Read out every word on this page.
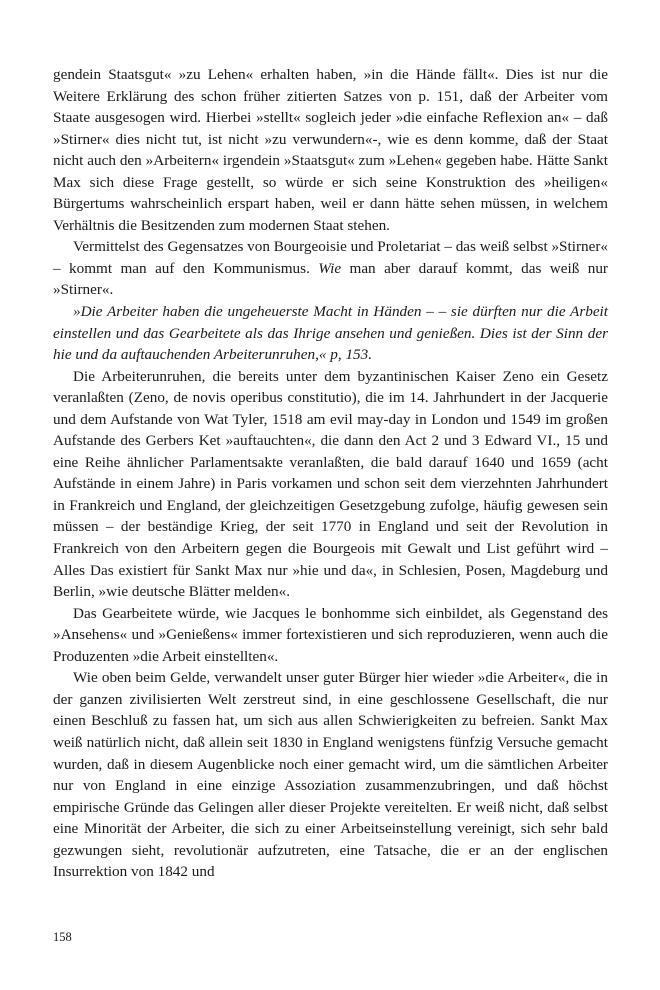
gendein Staatsgut« »zu Lehen« erhalten haben, »in die Hände fällt«. Dies ist nur die Weitere Erklärung des schon früher zitierten Satzes von p. 151, daß der Arbeiter vom Staate ausgesogen wird. Hierbei »stellt« sogleich jeder »die einfache Reflexion an« – daß »Stirner« dies nicht tut, ist nicht »zu verwundern«-, wie es denn komme, daß der Staat nicht auch den »Arbeitern« irgendein »Staatsgut« zum »Lehen« gegeben habe. Hätte Sankt Max sich diese Frage gestellt, so würde er sich seine Konstruktion des »heiligen« Bürgertums wahrscheinlich erspart haben, weil er dann hätte sehen müssen, in welchem Verhältnis die Besitzenden zum modernen Staat stehen.

Vermittelst des Gegensatzes von Bourgeoisie und Proletariat – das weiß selbst »Stirner« – kommt man auf den Kommunismus. Wie man aber darauf kommt, das weiß nur »Stirner«.

»Die Arbeiter haben die ungeheuerste Macht in Händen – – sie dürften nur die Arbeit einstellen und das Gearbeitete als das Ihrige ansehen und genießen. Dies ist der Sinn der hie und da auftauchenden Arbeiterunruhen,« p, 153.

Die Arbeiterunruhen, die bereits unter dem byzantinischen Kaiser Zeno ein Gesetz veranlaßten (Zeno, de novis operibus constitutio), die im 14. Jahrhundert in der Jacquerie und dem Aufstande von Wat Tyler, 1518 am evil may-day in London und 1549 im großen Aufstande des Gerbers Ket »auftauchten«, die dann den Act 2 und 3 Edward VI., 15 und eine Reihe ähnlicher Parlamentsakte veranlaßten, die bald darauf 1640 und 1659 (acht Aufstände in einem Jahre) in Paris vorkamen und schon seit dem vierzehnten Jahrhundert in Frankreich und England, der gleichzeitigen Gesetzgebung zufolge, häufig gewesen sein müssen – der beständige Krieg, der seit 1770 in England und seit der Revolution in Frankreich von den Arbeitern gegen die Bourgeois mit Gewalt und List geführt wird – Alles Das existiert für Sankt Max nur »hie und da«, in Schlesien, Posen, Magdeburg und Berlin, »wie deutsche Blätter melden«.

Das Gearbeitete würde, wie Jacques le bonhomme sich einbildet, als Gegenstand des »Ansehens« und »Genießens« immer fortexistieren und sich reproduzieren, wenn auch die Produzenten »die Arbeit einstellten«.

Wie oben beim Gelde, verwandelt unser guter Bürger hier wieder »die Arbeiter«, die in der ganzen zivilisierten Welt zerstreut sind, in eine geschlossene Gesellschaft, die nur einen Beschluß zu fassen hat, um sich aus allen Schwierigkeiten zu befreien. Sankt Max weiß natürlich nicht, daß allein seit 1830 in England wenigstens fünfzig Versuche gemacht wurden, daß in diesem Augenblicke noch einer gemacht wird, um die sämtlichen Arbeiter nur von England in eine einzige Assoziation zusammenzubringen, und daß höchst empirische Gründe das Gelingen aller dieser Projekte vereitelten. Er weiß nicht, daß selbst eine Minorität der Arbeiter, die sich zu einer Arbeitseinstellung vereinigt, sich sehr bald gezwungen sieht, revolutionär aufzutreten, eine Tatsache, die er an der englischen Insurrektion von 1842 und

158
